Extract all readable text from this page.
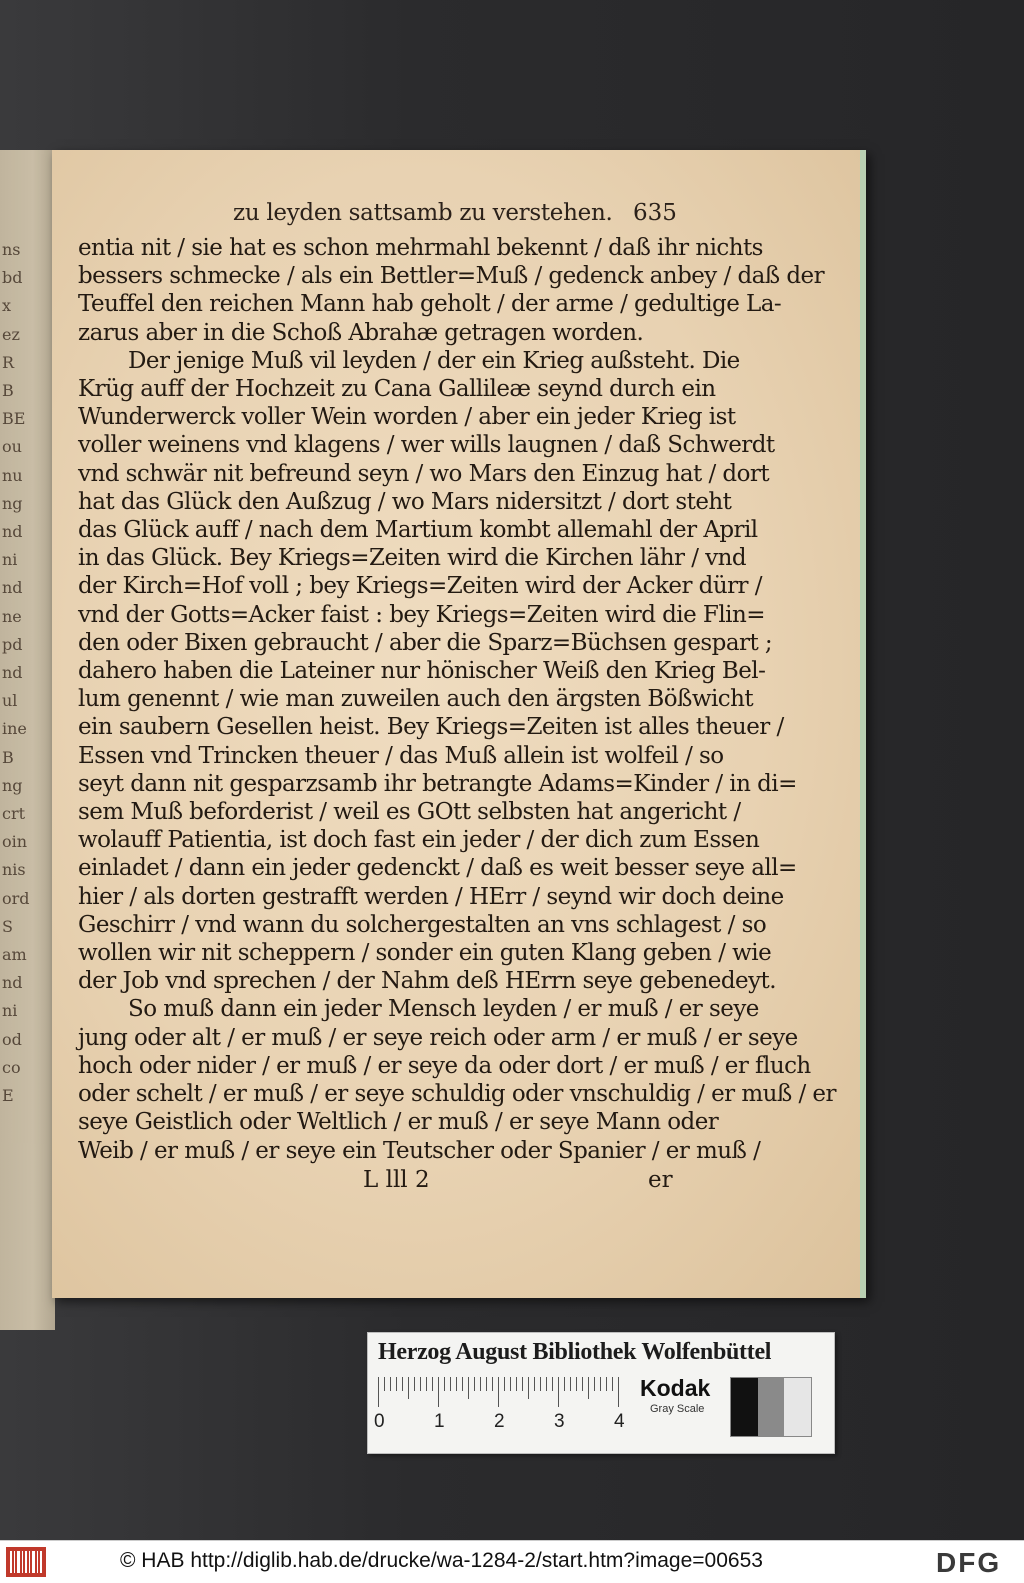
ns
bd
x
ez
R
B
BE
ou
nu
ng
nd
ni
nd
ne
pd
nd
ul
ine
B
ng
crt
oin
nis
ord
S
am
nd
ni
od
co
E
zu leyden sattsamb zu verstehen. 635
entia nit / sie hat es schon mehrmahl bekennt / daß ihr nichts
bessers schmecke / als ein Bettler=Muß / gedenck anbey / daß der
Teuffel den reichen Mann hab geholt / der arme / gedultige La-
zarus aber in die Schoß Abrahæ getragen worden.
Der jenige Muß vil leyden / der ein Krieg außsteht. Die
Krüg auff der Hochzeit zu Cana Gallileæ seynd durch ein
Wunderwerck voller Wein worden / aber ein jeder Krieg ist
voller weinens vnd klagens / wer wills laugnen / daß Schwerdt
vnd schwär nit befreund seyn / wo Mars den Einzug hat / dort
hat das Glück den Außzug / wo Mars nidersitzt / dort steht
das Glück auff / nach dem Martium kombt allemahl der April
in das Glück. Bey Kriegs=Zeiten wird die Kirchen lähr / vnd
der Kirch=Hof voll ; bey Kriegs=Zeiten wird der Acker dürr /
vnd der Gotts=Acker faist : bey Kriegs=Zeiten wird die Flin=
den oder Bixen gebraucht / aber die Sparz=Büchsen gespart ;
dahero haben die Lateiner nur hönischer Weiß den Krieg Bel-
lum genennt / wie man zuweilen auch den ärgsten Bößwicht
ein saubern Gesellen heist. Bey Kriegs=Zeiten ist alles theuer /
Essen vnd Trincken theuer / das Muß allein ist wolfeil / so
seyt dann nit gesparzsamb ihr betrangte Adams=Kinder / in di=
sem Muß beforderist / weil es GOtt selbsten hat angericht /
wolauff Patientia, ist doch fast ein jeder / der dich zum Essen
einladet / dann ein jeder gedenckt / daß es weit besser seye all=
hier / als dorten gestrafft werden / HErr / seynd wir doch deine
Geschirr / vnd wann du solchergestalten an vns schlagest / so
wollen wir nit scheppern / sonder ein guten Klang geben / wie
der Job vnd sprechen / der Nahm deß HErrn seye gebenedeyt.
So muß dann ein jeder Mensch leyden / er muß / er seye
jung oder alt / er muß / er seye reich oder arm / er muß / er seye
hoch oder nider / er muß / er seye da oder dort / er muß / er fluch
oder schelt / er muß / er seye schuldig oder vnschuldig / er muß / er
seye Geistlich oder Weltlich / er muß / er seye Mann oder
Weib / er muß / er seye ein Teutscher oder Spanier / er muß /
L lll 2	er
Herzog August Bibliothek Wolfenbüttel
0	1	2	3	4
Kodak
Gray Scale
© HAB http://diglib.hab.de/drucke/wa-1284-2/start.htm?image=00653	DFG
